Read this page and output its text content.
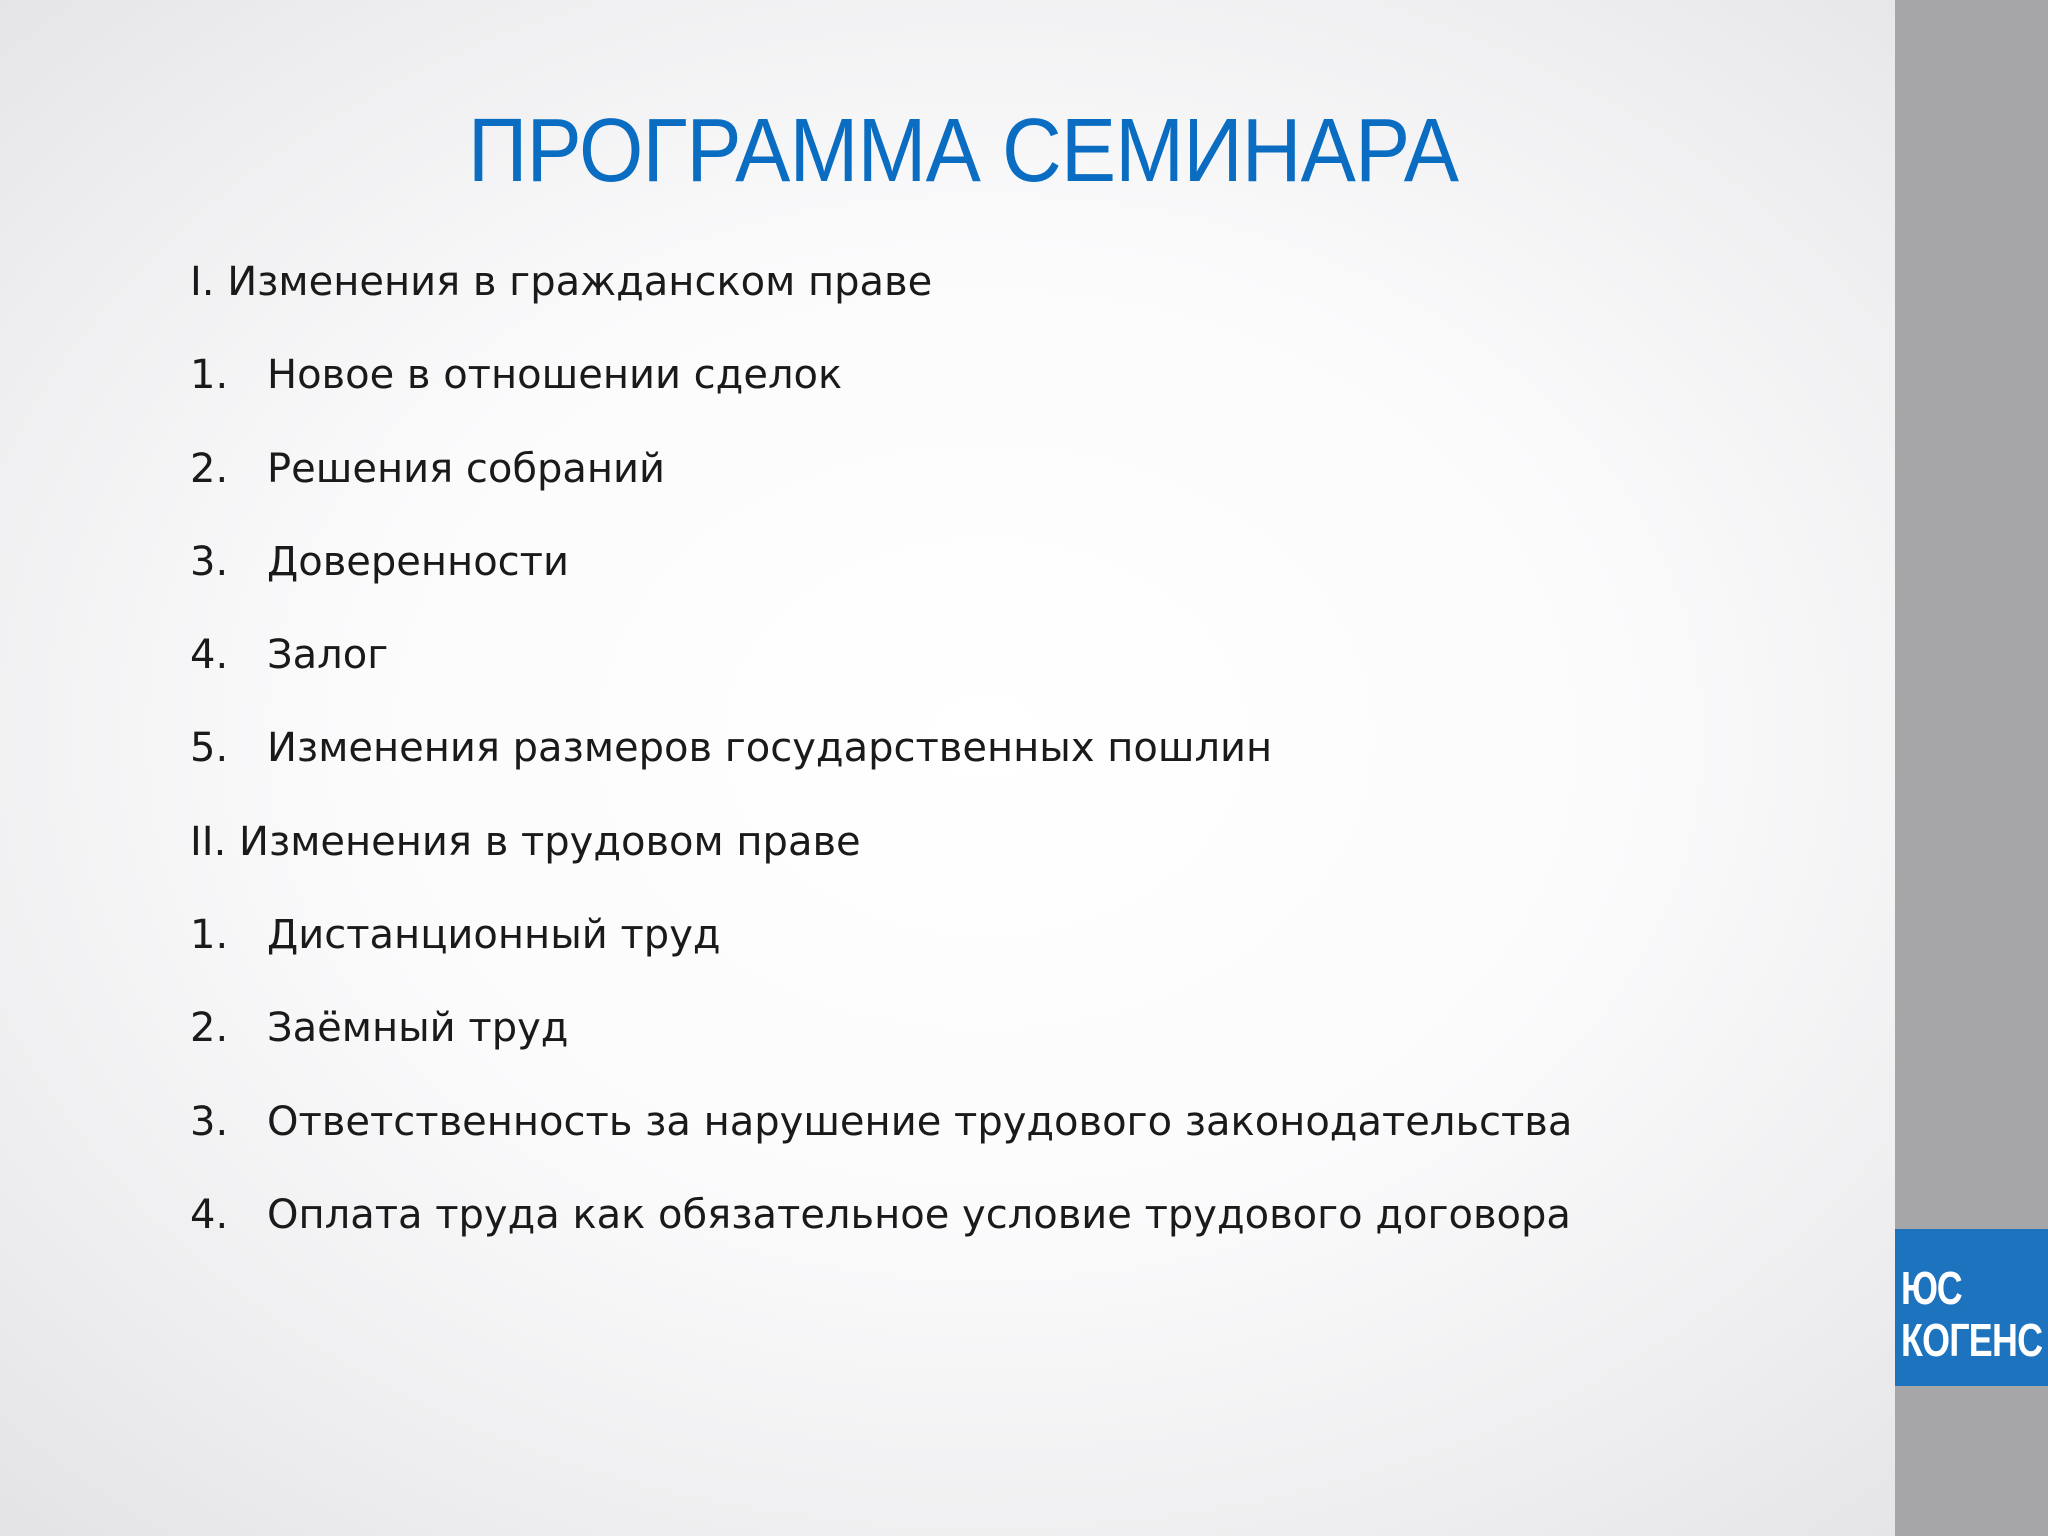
ПРОГРАММА СЕМИНАРА
I. Изменения в гражданском праве
1. Новое в отношении сделок
2. Решения собраний
3. Доверенности
4. Залог
5. Изменения размеров государственных пошлин
II. Изменения в трудовом праве
1. Дистанционный труд
2. Заёмный труд
3. Ответственность за нарушение трудового законодательства
4. Оплата труда как обязательное условие трудового договора
ЮС
КОГЕНС
